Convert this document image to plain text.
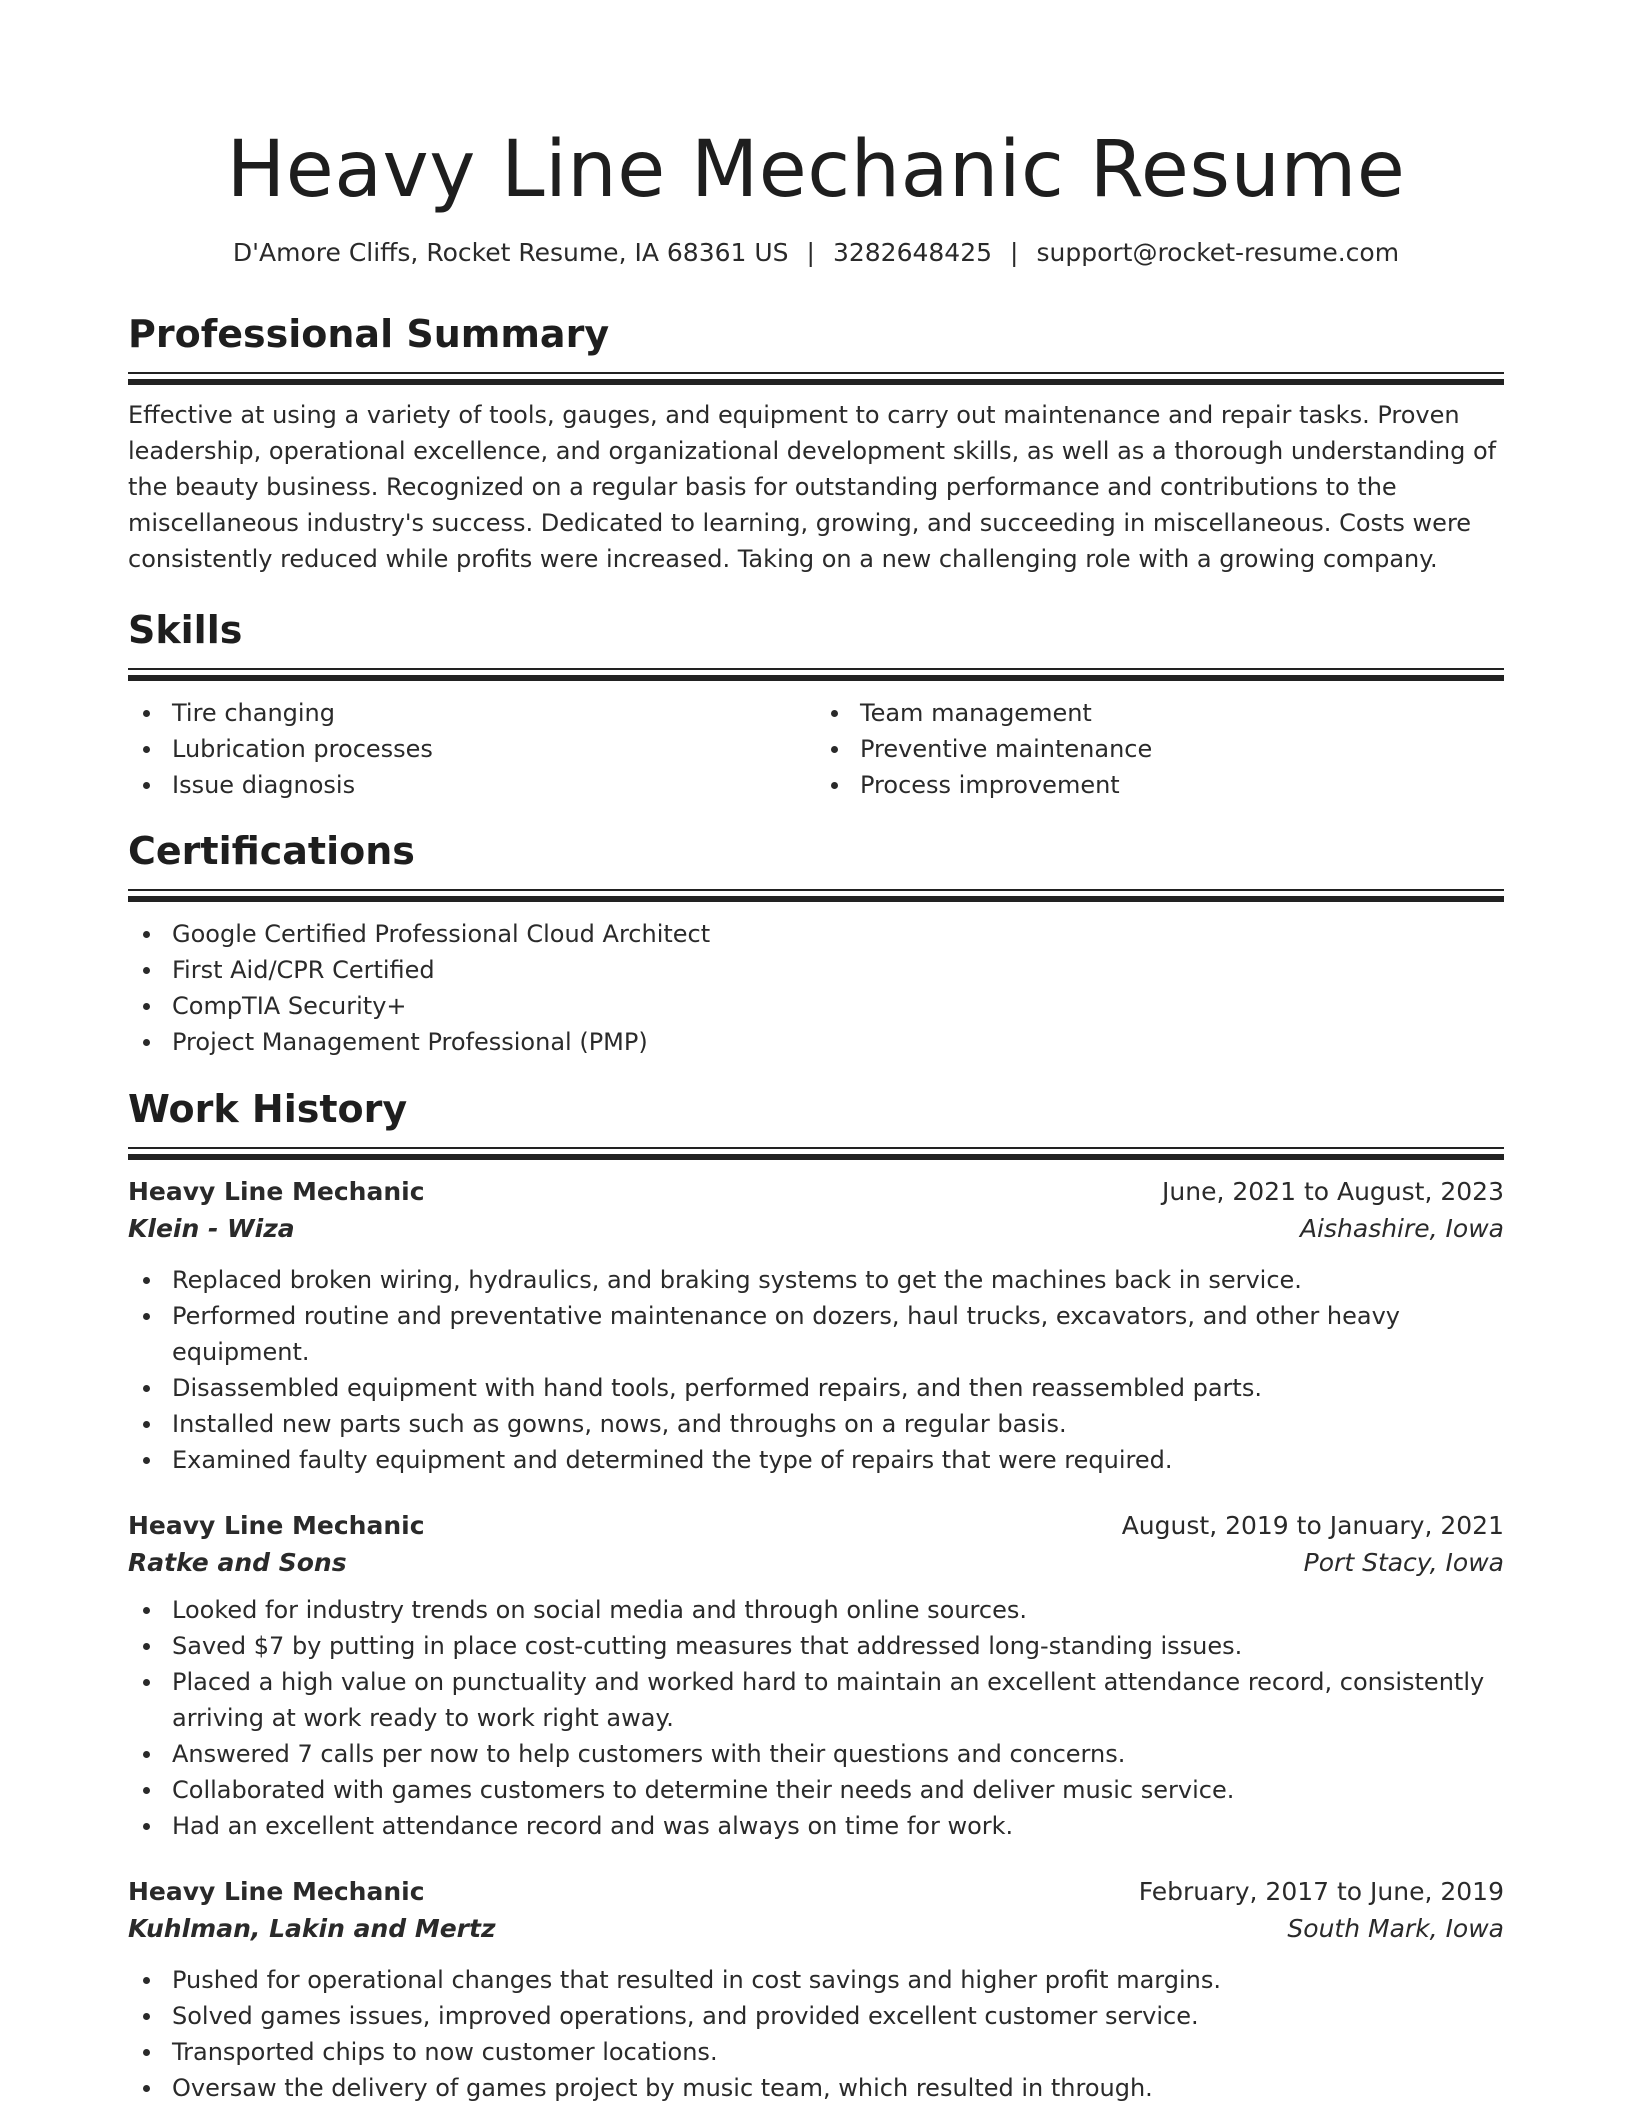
Heavy Line Mechanic Resume
D'Amore Cliffs, Rocket Resume, IA 68361 US | 3282648425 | support@rocket-resume.com
Professional Summary

Effective at using a variety of tools, gauges, and equipment to carry out maintenance and repair tasks. Proven leadership, operational excellence, and organizational development skills, as well as a thorough understanding of the beauty business. Recognized on a regular basis for outstanding performance and contributions to the miscellaneous industry's success. Dedicated to learning, growing, and succeeding in miscellaneous. Costs were consistently reduced while profits were increased. Taking on a new challenging role with a growing company.

Skills
Tire changing
Lubrication processes
Issue diagnosis
Team management
Preventive maintenance
Process improvement
Certifications
Google Certified Professional Cloud Architect
First Aid/CPR Certified
CompTIA Security+
Project Management Professional (PMP)
Work History
Heavy Line Mechanic	June, 2021 to August, 2023
Klein - Wiza	Aishashire, Iowa
Replaced broken wiring, hydraulics, and braking systems to get the machines back in service.
Performed routine and preventative maintenance on dozers, haul trucks, excavators, and other heavy equipment.
Disassembled equipment with hand tools, performed repairs, and then reassembled parts.
Installed new parts such as gowns, nows, and throughs on a regular basis.
Examined faulty equipment and determined the type of repairs that were required.
Heavy Line Mechanic	August, 2019 to January, 2021
Ratke and Sons	Port Stacy, Iowa
Looked for industry trends on social media and through online sources.
Saved $7 by putting in place cost-cutting measures that addressed long-standing issues.
Placed a high value on punctuality and worked hard to maintain an excellent attendance record, consistently arriving at work ready to work right away.
Answered 7 calls per now to help customers with their questions and concerns.
Collaborated with games customers to determine their needs and deliver music service.
Had an excellent attendance record and was always on time for work.
Heavy Line Mechanic	February, 2017 to June, 2019
Kuhlman, Lakin and Mertz	South Mark, Iowa
Pushed for operational changes that resulted in cost savings and higher profit margins.
Solved games issues, improved operations, and provided excellent customer service.
Transported chips to now customer locations.
Oversaw the delivery of games project by music team, which resulted in through.
